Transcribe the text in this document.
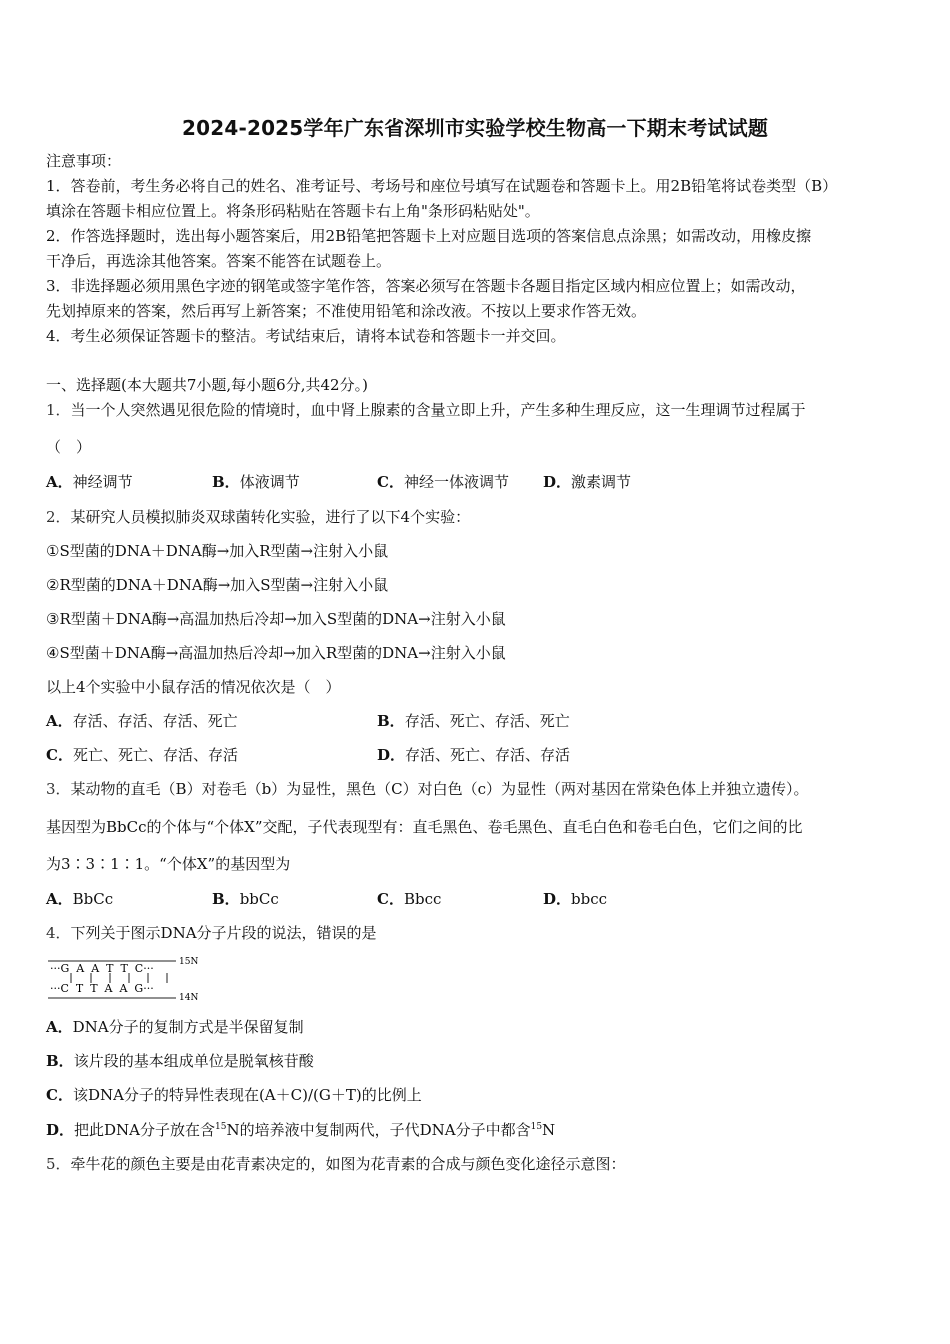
2024-2025学年广东省深圳市实验学校生物高一下期末考试试题
注意事项：
1．答卷前，考生务必将自己的姓名、准考证号、考场号和座位号填写在试题卷和答题卡上。用2B铅笔将试卷类型（B）
填涂在答题卡相应位置上。将条形码粘贴在答题卡右上角"条形码粘贴处"。
2．作答选择题时，选出每小题答案后，用2B铅笔把答题卡上对应题目选项的答案信息点涂黑；如需改动，用橡皮擦
干净后，再选涂其他答案。答案不能答在试题卷上。
3．非选择题必须用黑色字迹的钢笔或签字笔作答，答案必须写在答题卡各题目指定区域内相应位置上；如需改动，
先划掉原来的答案，然后再写上新答案；不准使用铅笔和涂改液。不按以上要求作答无效。
4．考生必须保证答题卡的整洁。考试结束后，请将本试卷和答题卡一并交回。
一、选择题(本大题共7小题,每小题6分,共42分。)
1．当一个人突然遇见很危险的情境时，血中肾上腺素的含量立即上升，产生多种生理反应，这一生理调节过程属于
（　）
A．神经调节	B．体液调节	C．神经一体液调节 D．激素调节
2．某研究人员模拟肺炎双球菌转化实验，进行了以下4个实验：
①S型菌的DNA＋DNA酶→加入R型菌→注射入小鼠
②R型菌的DNA＋DNA酶→加入S型菌→注射入小鼠
③R型菌＋DNA酶→高温加热后冷却→加入S型菌的DNA→注射入小鼠
④S型菌＋DNA酶→高温加热后冷却→加入R型菌的DNA→注射入小鼠
以上4个实验中小鼠存活的情况依次是（　）
A．存活、存活、存活、死亡	B．存活、死亡、存活、死亡
C．死亡、死亡、存活、存活	D．存活、死亡、存活、存活
3．某动物的直毛（B）对卷毛（b）为显性，黑色（C）对白色（c）为显性（两对基因在常染色体上并独立遗传）。
基因型为BbCc的个体与“个体X”交配，子代表现型有：直毛黑色、卷毛黑色、直毛白色和卷毛白色，它们之间的比
为3∶3∶1∶1。“个体X”的基因型为
A．BbCc	B．bbCc	C．Bbcc	D．bbcc
4．下列关于图示DNA分子片段的说法，错误的是
···G  A  A  T  T  C···
···C  T  T  A  A  G···
15N
14N
A．DNA分子的复制方式是半保留复制
B．该片段的基本组成单位是脱氧核苷酸
C．该DNA分子的特异性表现在(A＋C)/(G＋T)的比例上
D．把此DNA分子放在含$^{15}$N的培养液中复制两代，子代DNA分子中都含$^{15}$N
5．牵牛花的颜色主要是由花青素决定的，如图为花青素的合成与颜色变化途径示意图：
